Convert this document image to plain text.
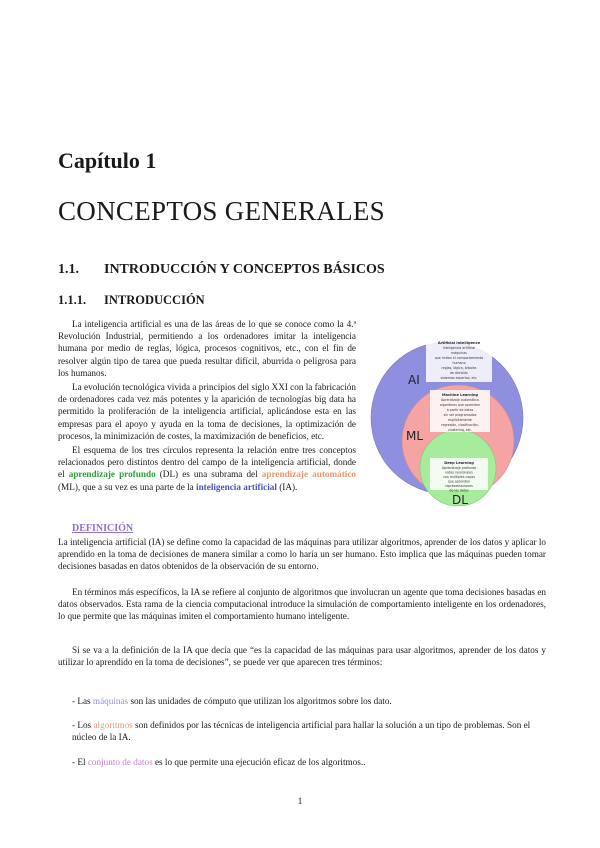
Capítulo 1
CONCEPTOS GENERALES
1.1. INTRODUCCIÓN Y CONCEPTOS BÁSICOS
1.1.1. INTRODUCCIÓN

La inteligencia artificial es una de las áreas de lo que se conoce como la 4.ª Revolución Industrial, permitiendo a los ordenadores imitar la inteligencia humana por medio de reglas, lógica, procesos cognitivos, etc., con el fin de resolver algún tipo de tarea que pueda resultar difícil, aburrida o peligrosa para los humanos.

La evolución tecnológica vivida a principios del siglo XXI con la fabricación de ordenadores cada vez más potentes y la aparición de tecnologías big data ha permitido la proliferación de la inteligencia artificial, aplicándose esta en las empresas para el apoyo y ayuda en la toma de decisiones, la optimización de procesos, la minimización de costes, la maximización de beneficios, etc.

El esquema de los tres círculos representa la relación entre tres conceptos relacionados pero distintos dentro del campo de la inteligencia artificial, donde el aprendizaje profundo (DL) es una subrama del aprendizaje automático (ML), que a su vez es una parte de la inteligencia artificial (IA).

AI
ML
DL
Artificial Intelligence
Inteligencia artificial
máquinas
que imitan el comportamiento
humano
reglas, lógica, árboles
de decisión
sistemas expertos, etc.
Machine Learning
Aprendizaje automático
algoritmos que aprenden
a partir de datos
sin ser programados
explícitamente
regresión, clasificación,
clustering, etc.
Deep Learning
Aprendizaje profundo
redes neuronales
con múltiples capas
que aprenden
representaciones
de los datos
DEFINICIÓN
La inteligencia artificial (IA) se define como la capacidad de las máquinas para utilizar algoritmos, aprender de los datos y aplicar lo aprendido en la toma de decisiones de manera similar a como lo haría un ser humano. Esto implica que las máquinas pueden tomar decisiones basadas en datos obtenidos de la observación de su entorno.
En términos más específicos, la IA se refiere al conjunto de algoritmos que involucran un agente que toma decisiones basadas en datos observados. Esta rama de la ciencia computacional introduce la simulación de comportamiento inteligente en los ordenadores, lo que permite que las máquinas imiten el comportamiento humano inteligente.
Si se va a la definición de la IA que decía que “es la capacidad de las máquinas para usar algoritmos, aprender de los datos y utilizar lo aprendido en la toma de decisiones”, se puede ver que aparecen tres términos:
- Las máquinas son las unidades de cómputo que utilizan los algoritmos sobre los dato.
- Los algoritmos son definidos por las técnicas de inteligencia artificial para hallar la solución a un tipo de problemas. Son el núcleo de la IA.
- El conjunto de datos es lo que permite una ejecución eficaz de los algoritmos..
1
